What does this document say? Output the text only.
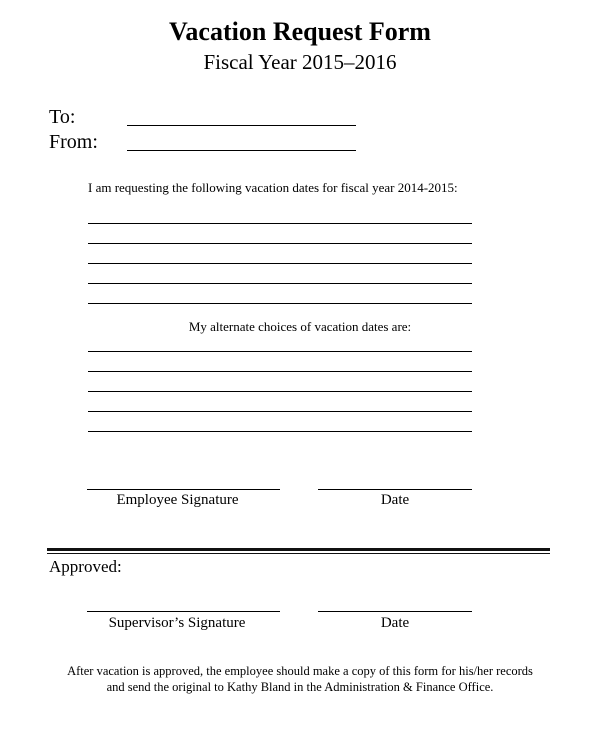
Vacation Request Form
Fiscal Year 2015–2016
To:
From:
I am requesting the following vacation dates for fiscal year 2014-2015:
My alternate choices of vacation dates are:
Employee Signature	Date
Approved:
Supervisor’s Signature	Date
After vacation is approved, the employee should make a copy of this form for his/her records
and send the original to Kathy Bland in the Administration & Finance Office.
